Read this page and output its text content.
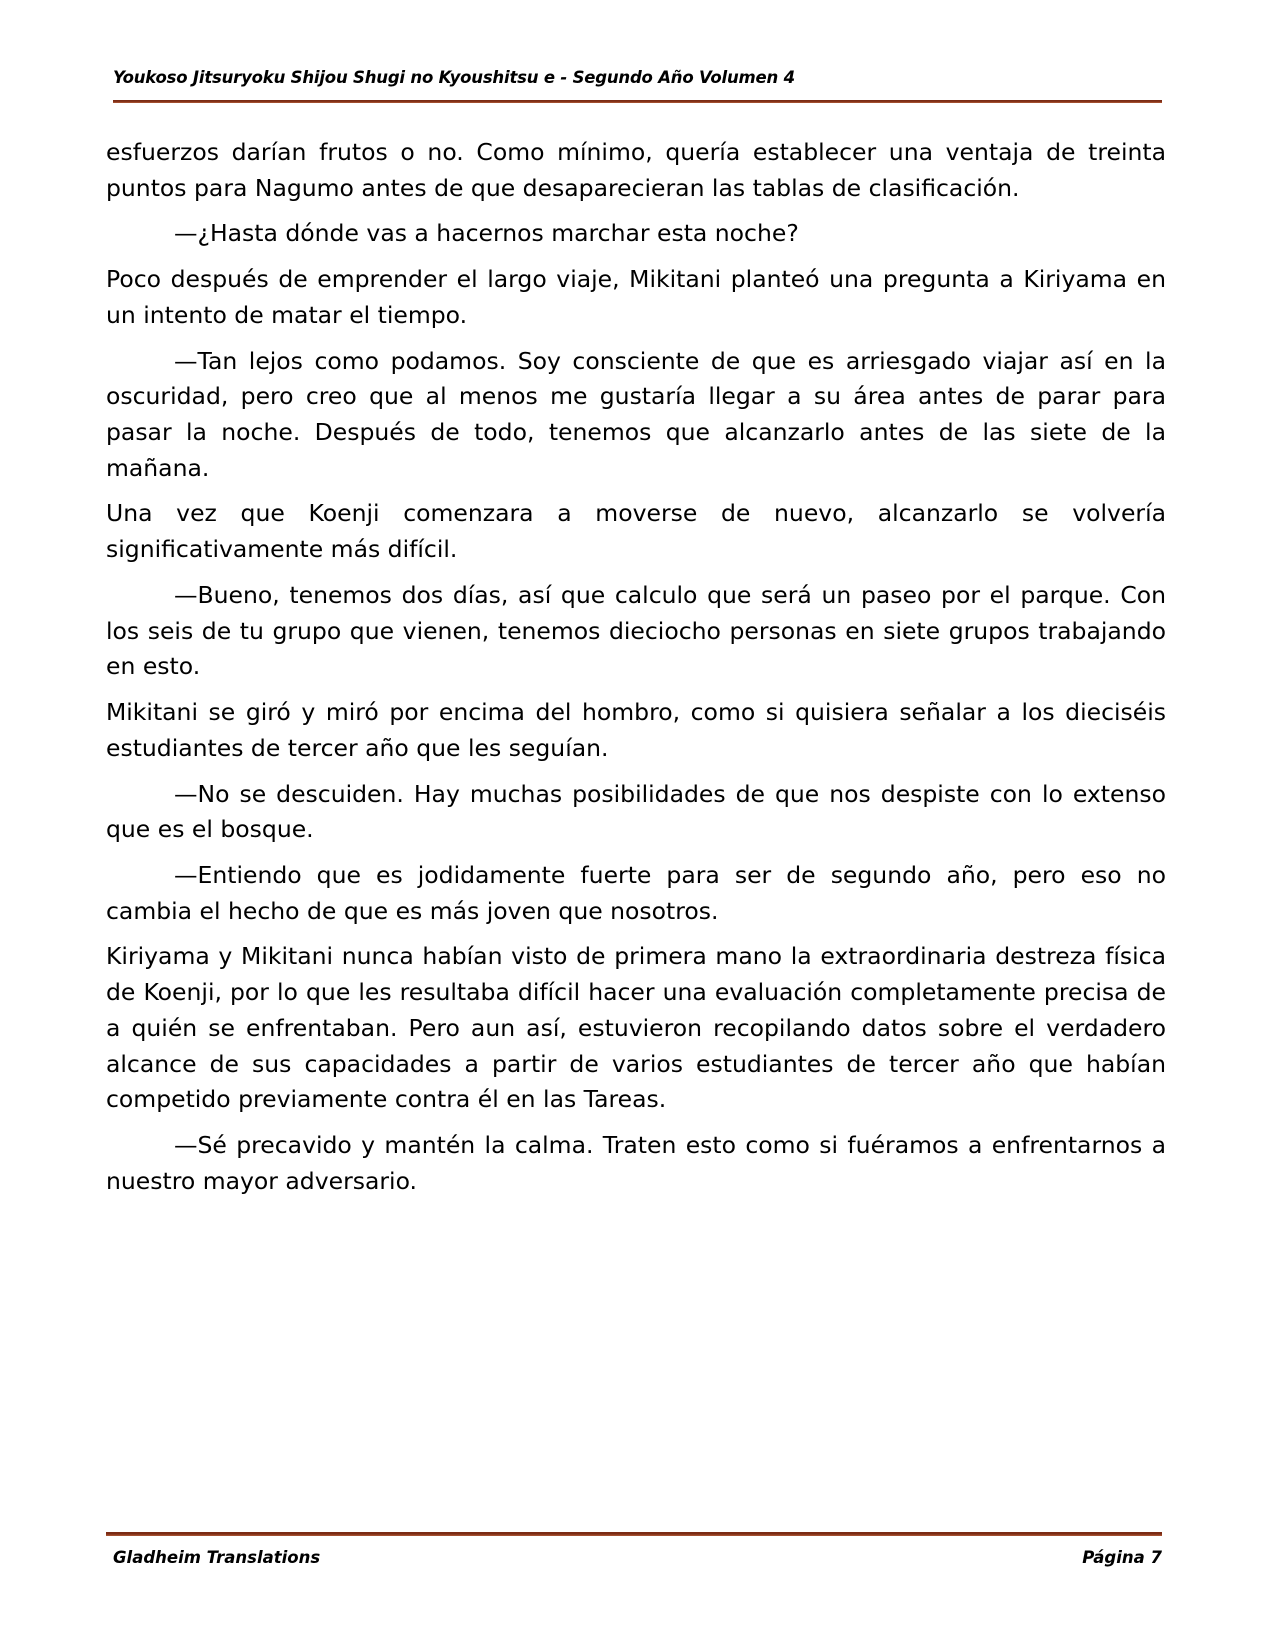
Youkoso Jitsuryoku Shijou Shugi no Kyoushitsu e - Segundo Año Volumen 4

esfuerzos darían frutos o no. Como mínimo, quería establecer una ventaja de treinta puntos para Nagumo antes de que desaparecieran las tablas de clasificación.

—¿Hasta dónde vas a hacernos marchar esta noche?

Poco después de emprender el largo viaje, Mikitani planteó una pregunta a Kiriyama en un intento de matar el tiempo.

—Tan lejos como podamos. Soy consciente de que es arriesgado viajar así en la oscuridad, pero creo que al menos me gustaría llegar a su área antes de parar para pasar la noche. Después de todo, tenemos que alcanzarlo antes de las siete de la mañana.

Una vez que Koenji comenzara a moverse de nuevo, alcanzarlo se volvería significativamente más difícil.

—Bueno, tenemos dos días, así que calculo que será un paseo por el parque. Con los seis de tu grupo que vienen, tenemos dieciocho personas en siete grupos trabajando en esto.

Mikitani se giró y miró por encima del hombro, como si quisiera señalar a los dieciséis estudiantes de tercer año que les seguían.

—No se descuiden. Hay muchas posibilidades de que nos despiste con lo extenso que es el bosque.

—Entiendo que es jodidamente fuerte para ser de segundo año, pero eso no cambia el hecho de que es más joven que nosotros.

Kiriyama y Mikitani nunca habían visto de primera mano la extraordinaria destreza física de Koenji, por lo que les resultaba difícil hacer una evaluación completamente precisa de a quién se enfrentaban. Pero aun así, estuvieron recopilando datos sobre el verdadero alcance de sus capacidades a partir de varios estudiantes de tercer año que habían competido previamente contra él en las Tareas.

—Sé precavido y mantén la calma. Traten esto como si fuéramos a enfrentarnos a nuestro mayor adversario.

Gladheim Translations	Página 7
